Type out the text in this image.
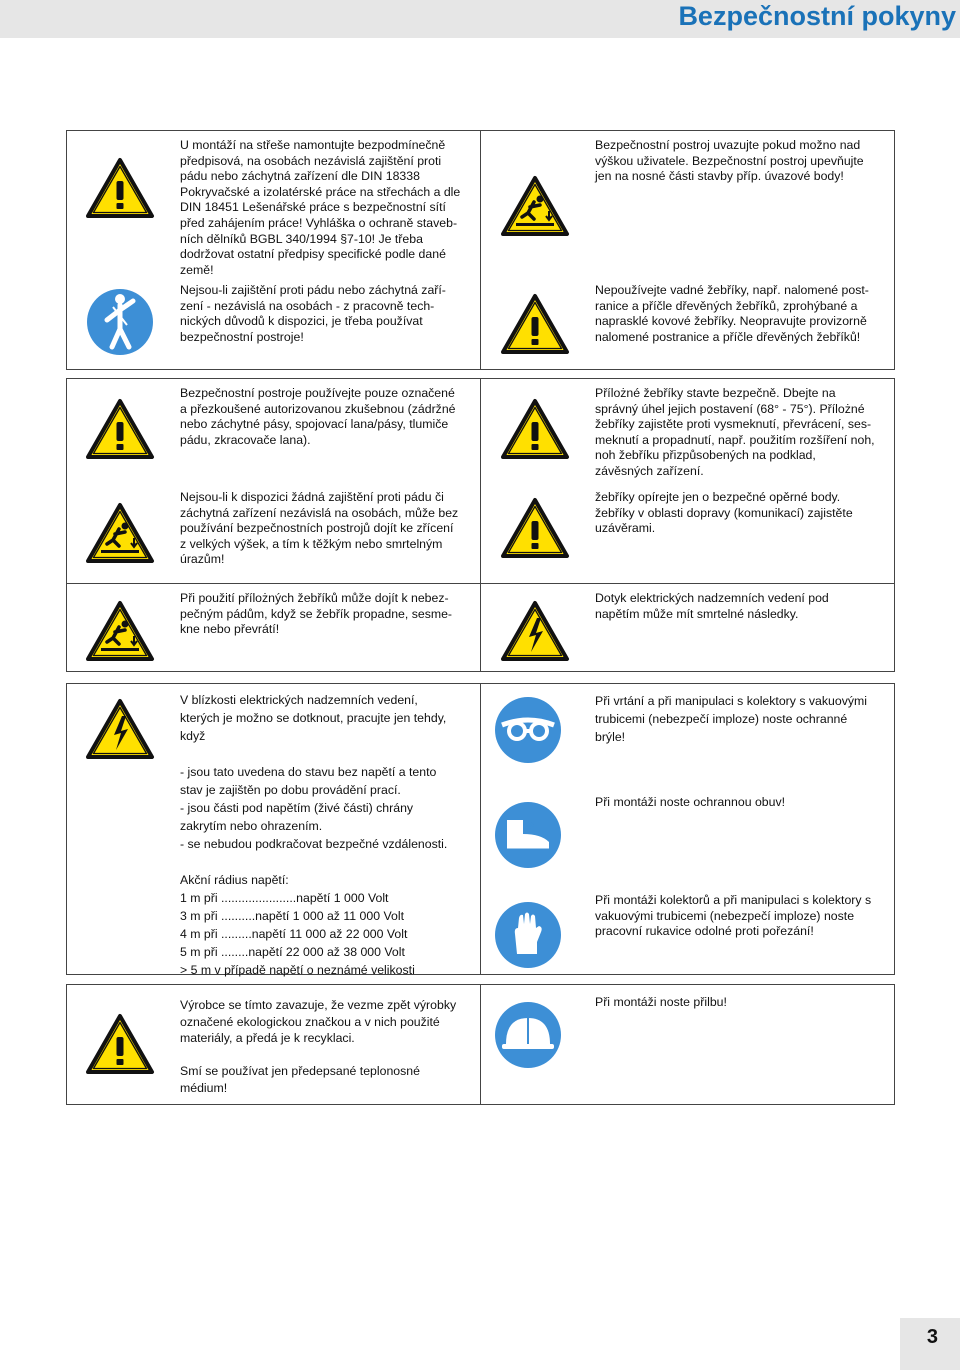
Bezpečnostní pokyny

U montáží na střeše namontujte bezpodmínečně
předpisová, na osobách nezávislá zajištění proti
pádu nebo záchytná zařízení dle DIN 18338
Pokryvačské a izolatérské práce na střechách a dle
DIN 18451 Lešenářské práce s bezpečnostní sítí
před zahájením práce! Vyhláška o ochraně staveb-
ních dělníků BGBL 340/1994 §7-10! Je třeba
dodržovat ostatní předpisy specifické podle dané
země!

Nejsou-li zajištění proti pádu nebo záchytná zaří-
zení - nezávislá na osobách - z pracovně tech-
nických důvodů k dispozici, je třeba používat
bezpečnostní postroje!

Bezpečnostní postroj uvazujte pokud možno nad
výškou uživatele. Bezpečnostní postroj upevňujte
jen na nosné části stavby příp. úvazové body!

Nepoužívejte vadné žebříky, např. nalomené post-
ranice a příčle dřevěných žebříků, zprohýbané a
naprasklé kovové žebříky. Neopravujte provizorně
nalomené postranice a příčle dřevěných žebříků!

Bezpečnostní postroje používejte pouze označené
a přezkoušené autorizovanou zkušebnou (zádržné
nebo záchytné pásy, spojovací lana/pásy, tlumiče
pádu, zkracovače lana).

Nejsou-li k dispozici žádná zajištění proti pádu či
záchytná zařízení nezávislá na osobách, může bez
používání bezpečnostních postrojů dojít ke zřícení
z velkých výšek, a tím k těžkým nebo smrtelným
úrazům!

Při použití přílożných žebříků může dojít k nebez-
pečným pádům, když se žebřík propadne, sesme-
kne nebo převrátí!

Přílożné žebříky stavte bezpečně. Dbejte na
správný úhel jejich postavení (68° - 75°). Přílożné
žebříky zajistěte proti vysmeknutí, převrácení, ses-
meknutí a propadnutí, např. použitím rozšíření noh,
noh žebříku přizpůsobených na podklad,
závěsných zařízení.

žebříky opírejte jen o bezpečné opěrné body.
žebříky v oblasti dopravy (komunikací) zajistěte
uzávěrami.

Dotyk elektrických nadzemních vedení pod
napětím může mít smrtelné následky.

V blízkosti elektrických nadzemních vedení,
kterých je možno se dotknout, pracujte jen tehdy,
když

- jsou tato uvedena do stavu bez napětí a tento
stav je zajištěn po dobu provádění prací.
- jsou části pod napětím (živé části) chrány
zakrytím nebo ohrazením.
- se nebudou podkračovat bezpečné vzdálenosti.

Akční rádius napětí:
1 m při ......................napětí 1 000 Volt
3 m při ..........napětí 1 000 až 11 000 Volt
4 m při .........napětí 11 000 až 22 000 Volt
5 m při ........napětí 22 000 až 38 000 Volt
> 5 m v případě napětí o neznámé velikosti

Při vrtání a při manipulaci s kolektory s vakuovými
trubicemi (nebezpečí imploze) noste ochranné
brýle!

Při montáži noste ochrannou obuv!

Při montáži kolektorů a při manipulaci s kolektory s
vakuovými trubicemi (nebezpečí imploze) noste
pracovní rukavice odolné proti pořezání!

Výrobce se tímto zavazuje, že vezme zpět výrobky
označené ekologickou značkou a v nich použité
materiály, a předá je k recyklaci.

Smí se používat jen předepsané teplonosné
médium!

Při montáži noste přilbu!

3
